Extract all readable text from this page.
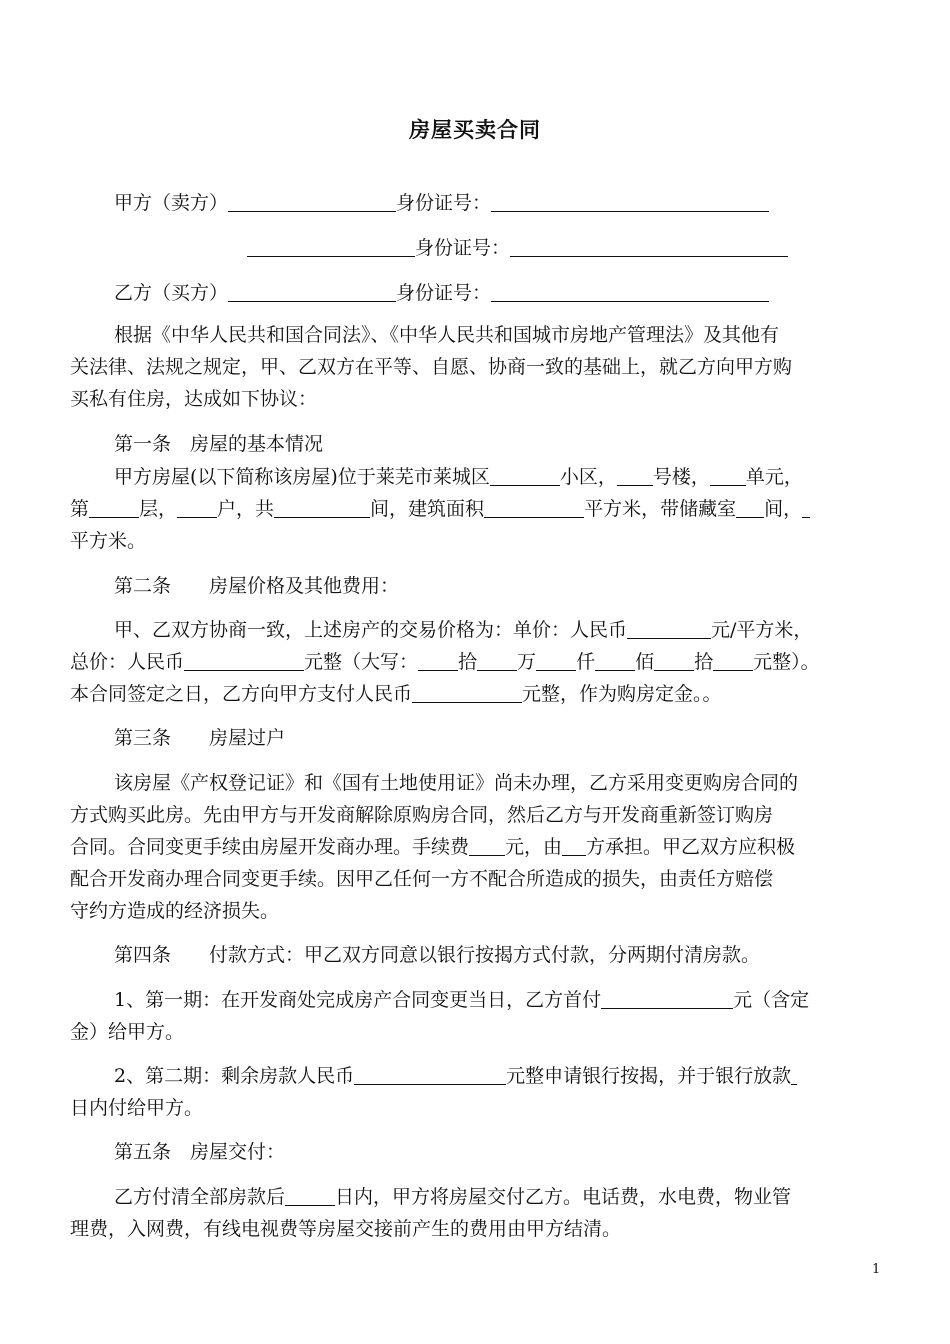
房屋买卖合同
甲方（卖方）	身份证号：
身份证号：
乙方（买方）	身份证号：
根据《中华人民共和国合同法》、《中华人民共和国城市房地产管理法》及其他有
关法律、法规之规定，甲、乙双方在平等、自愿、协商一致的基础上，就乙方向甲方购
买私有住房，达成如下协议：
第一条　房屋的基本情况
甲方房屋(以下简称该房屋)位于莱芜市莱城区	小区， 号楼， 单元，
第	层， 户，共	间，建筑面积	平方米，带储藏室 间，
平方米。
第二条　　房屋价格及其他费用：
甲、乙双方协商一致，上述房产的交易价格为：单价：人民币	元/平方米，
总价：人民币	元整（大写： 拾 万 仟 佰 拾 元整）。
本合同签定之日，乙方向甲方支付人民币	元整，作为购房定金。。
第三条　　房屋过户
该房屋《产权登记证》和《国有土地使用证》尚未办理，乙方采用变更购房合同的
方式购买此房。先由甲方与开发商解除原购房合同，然后乙方与开发商重新签订购房
合同。合同变更手续由房屋开发商办理。手续费 元，由 方承担。甲乙双方应积极
配合开发商办理合同变更手续。因甲乙任何一方不配合所造成的损失，由责任方赔偿
守约方造成的经济损失。
第四条　　付款方式：甲乙双方同意以银行按揭方式付款，分两期付清房款。
1、第一期：在开发商处完成房产合同变更当日，乙方首付	元（含定
金）给甲方。
2、第二期：剩余房款人民币	元整申请银行按揭，并于银行放款
日内付给甲方。
第五条　房屋交付：
乙方付清全部房款后	日内，甲方将房屋交付乙方。电话费，水电费，物业管
理费，入网费，有线电视费等房屋交接前产生的费用由甲方结清。
1
